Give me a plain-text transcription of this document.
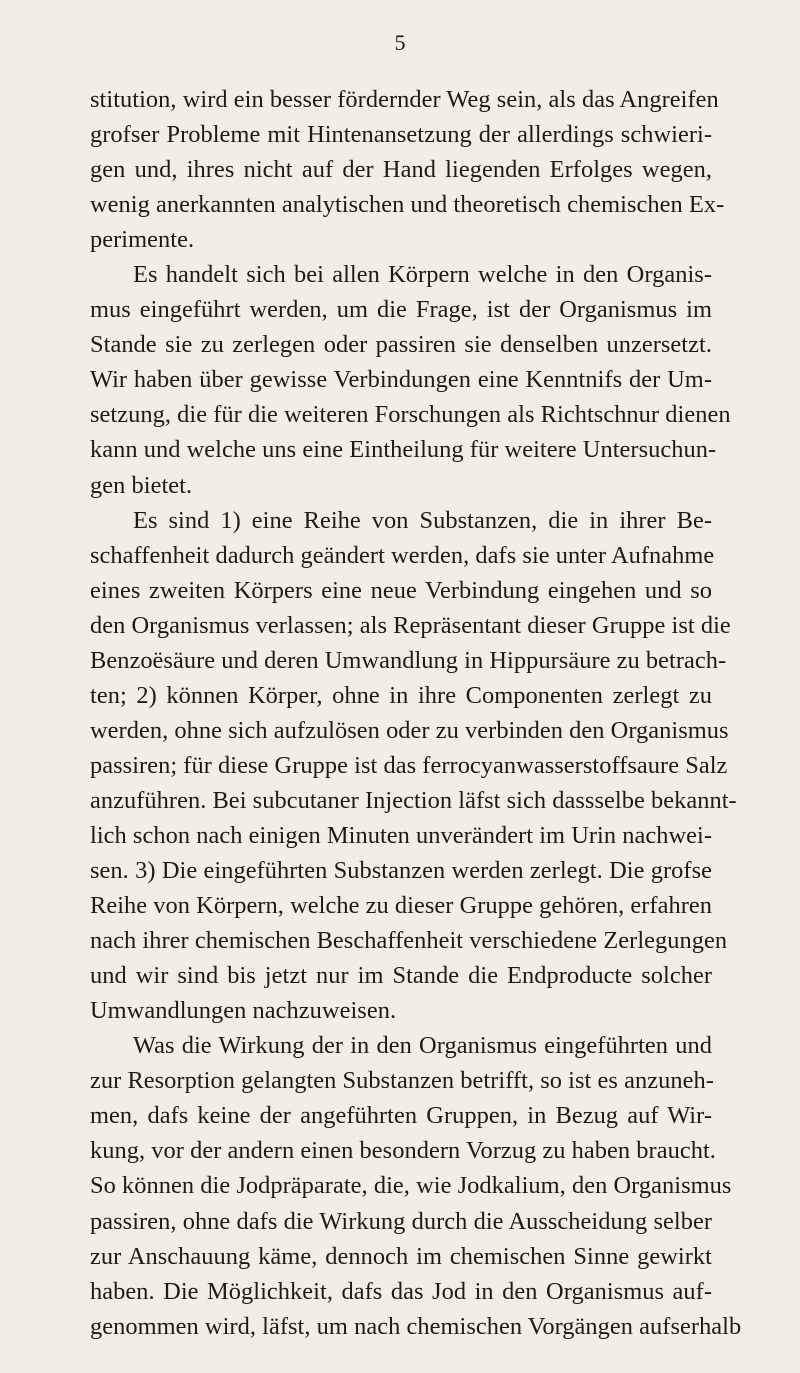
5
stitution, wird ein besser fördernder Weg sein, als das Angreifen
grofser Probleme mit Hintenansetzung der allerdings schwieri-
gen und, ihres nicht auf der Hand liegenden Erfolges wegen,
wenig anerkannten analytischen und theoretisch chemischen Ex-
perimente.
Es handelt sich bei allen Körpern welche in den Organis-
mus eingeführt werden, um die Frage, ist der Organismus im
Stande sie zu zerlegen oder passiren sie denselben unzersetzt.
Wir haben über gewisse Verbindungen eine Kenntnifs der Um-
setzung, die für die weiteren Forschungen als Richtschnur dienen
kann und welche uns eine Eintheilung für weitere Untersuchun-
gen bietet.
Es sind 1) eine Reihe von Substanzen, die in ihrer Be-
schaffenheit dadurch geändert werden, dafs sie unter Aufnahme
eines zweiten Körpers eine neue Verbindung eingehen und so
den Organismus verlassen; als Repräsentant dieser Gruppe ist die
Benzoësäure und deren Umwandlung in Hippursäure zu betrach-
ten; 2) können Körper, ohne in ihre Componenten zerlegt zu
werden, ohne sich aufzulösen oder zu verbinden den Organismus
passiren; für diese Gruppe ist das ferrocyanwasserstoffsaure Salz
anzuführen. Bei subcutaner Injection läfst sich dassselbe bekannt-
lich schon nach einigen Minuten unverändert im Urin nachwei-
sen. 3) Die eingeführten Substanzen werden zerlegt. Die grofse
Reihe von Körpern, welche zu dieser Gruppe gehören, erfahren
nach ihrer chemischen Beschaffenheit verschiedene Zerlegungen
und wir sind bis jetzt nur im Stande die Endproducte solcher
Umwandlungen nachzuweisen.
Was die Wirkung der in den Organismus eingeführten und
zur Resorption gelangten Substanzen betrifft, so ist es anzuneh-
men, dafs keine der angeführten Gruppen, in Bezug auf Wir-
kung, vor der andern einen besondern Vorzug zu haben braucht.
So können die Jodpräparate, die, wie Jodkalium, den Organismus
passiren, ohne dafs die Wirkung durch die Ausscheidung selber
zur Anschauung käme, dennoch im chemischen Sinne gewirkt
haben. Die Möglichkeit, dafs das Jod in den Organismus auf-
genommen wird, läfst, um nach chemischen Vorgängen aufserhalb
